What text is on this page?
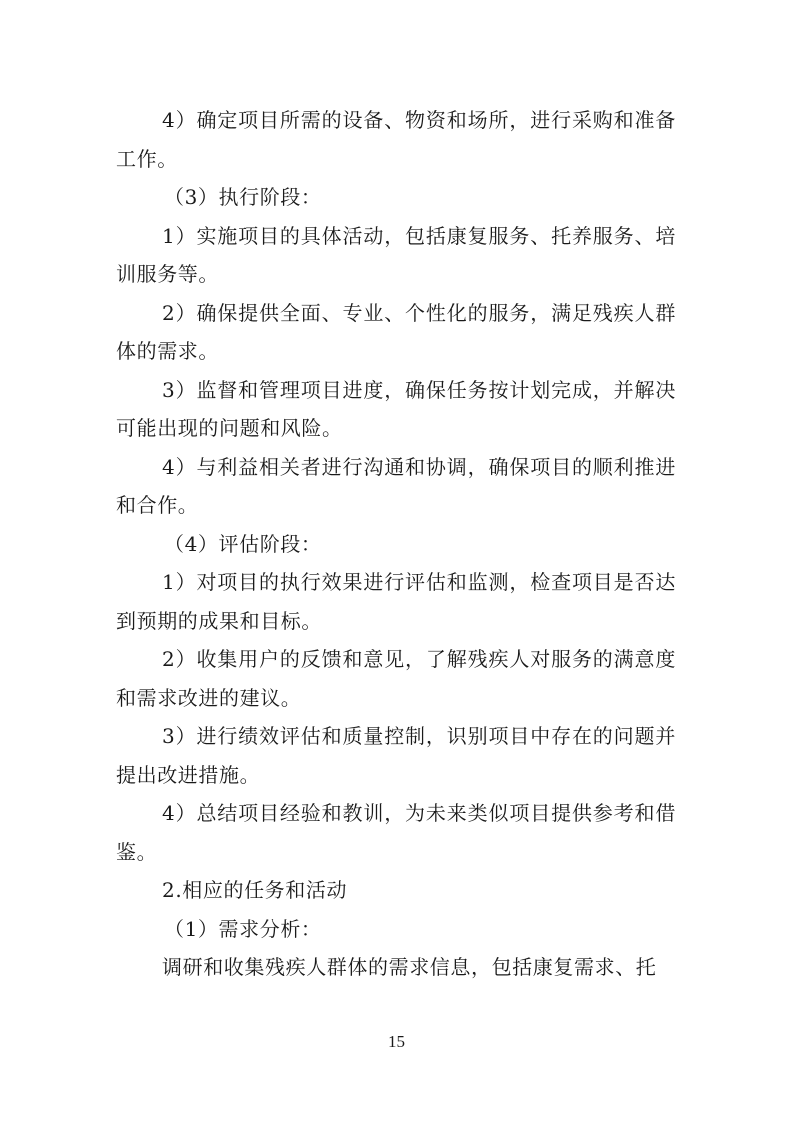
4）确定项目所需的设备、物资和场所，进行采购和准备工作。

（3）执行阶段：

1）实施项目的具体活动，包括康复服务、托养服务、培训服务等。

2）确保提供全面、专业、个性化的服务，满足残疾人群体的需求。

3）监督和管理项目进度，确保任务按计划完成，并解决可能出现的问题和风险。

4）与利益相关者进行沟通和协调，确保项目的顺利推进和合作。

（4）评估阶段：

1）对项目的执行效果进行评估和监测，检查项目是否达到预期的成果和目标。

2）收集用户的反馈和意见，了解残疾人对服务的满意度和需求改进的建议。

3）进行绩效评估和质量控制，识别项目中存在的问题并提出改进措施。

4）总结项目经验和教训，为未来类似项目提供参考和借鉴。

2.相应的任务和活动

（1）需求分析：

调研和收集残疾人群体的需求信息，包括康复需求、托

15
